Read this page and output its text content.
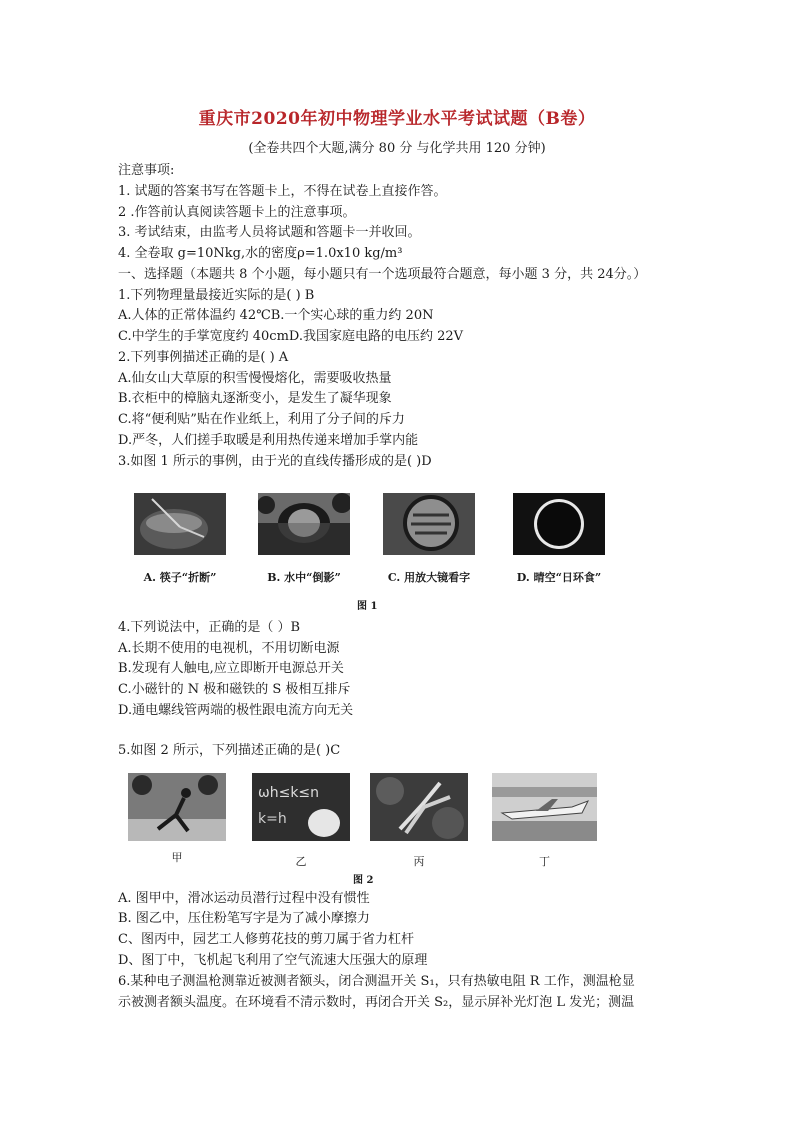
重庆市2020年初中物理学业水平考试试题（B卷）
(全卷共四个大题,满分 80 分 与化学共用 120 分钟)
注意事项:
1. 试题的答案书写在答题卡上，不得在试卷上直接作答。
2 .作答前认真阅读答题卡上的注意事项。
3. 考试结束，由监考人员将试题和答题卡一并收回。
4. 全卷取 g=10Nkg,水的密度ρ=1.0x10 kg/m³
一、选择题（本题共 8 个小题，每小题只有一个选项最符合题意，每小题 3 分，共 24分。）
1.下列物理量最接近实际的是( ) B
A.人体的正常体温约 42℃B.一个实心球的重力约 20N
C.中学生的手掌宽度约 40cmD.我国家庭电路的电压约 22V
2.下列事例描述正确的是( ) A
A.仙女山大草原的积雪慢慢熔化，需要吸收热量
B.衣柜中的樟脑丸逐渐变小，是发生了凝华现象
C.将“便利贴”贴在作业纸上，利用了分子间的斥力
D.严冬，人们搓手取暖是利用热传递来增加手掌内能
3.如图 1 所示的事例，由于光的直线传播形成的是( )D
A. 筷子“折断”	B. 水中“倒影”	C. 用放大镜看字	D. 晴空“日环食”
图 1
4.下列说法中，正确的是（ ）B
A.长期不使用的电视机，不用切断电源
B.发现有人触电,应立即断开电源总开关
C.小磁针的 N 极和磁铁的 S 极相互排斥
D.通电螺线管两端的极性跟电流方向无关
5.如图 2 所示，下列描述正确的是( )C
ωh≤k≤n
k=h
甲	乙	丙	丁
图 2
A. 图甲中，滑冰运动员潜行过程中没有惯性
B. 图乙中，压住粉笔写字是为了减小摩擦力
C、图丙中，园艺工人修剪花技的剪刀属于省力杠杆
D、图丁中，飞机起飞利用了空气流速大压强大的原理
6.某种电子测温枪测靠近被测者额头，闭合测温开关 S₁，只有热敏电阻 R 工作，测温枪显
示被测者额头温度。在环境看不清示数时，再闭合开关 S₂，显示屏补光灯泡 L 发光；测温
